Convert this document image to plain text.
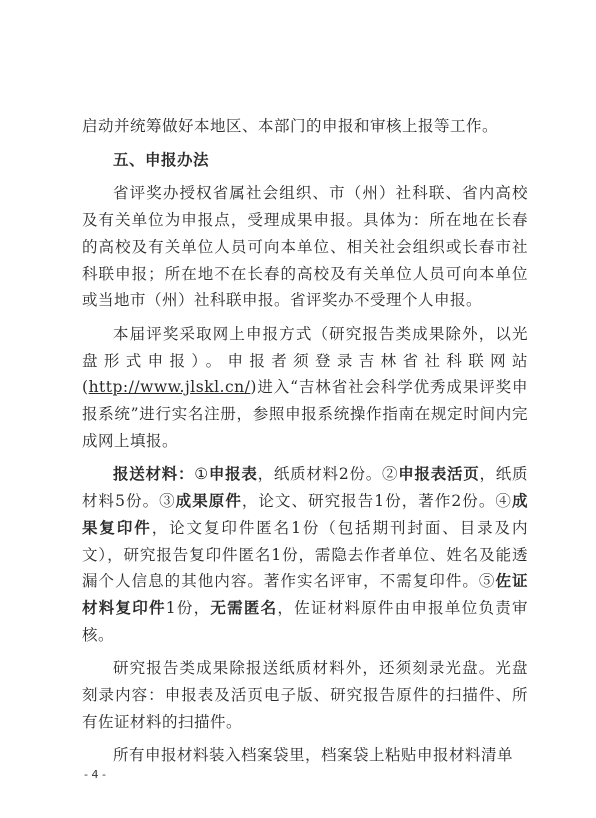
启动并统筹做好本地区、本部门的申报和审核上报等工作。

五、申报办法

省评奖办授权省属社会组织、市（州）社科联、省内高校及有关单位为申报点，受理成果申报。具体为：所在地在长春的高校及有关单位人员可向本单位、相关社会组织或长春市社科联申报；所在地不在长春的高校及有关单位人员可向本单位或当地市（州）社科联申报。省评奖办不受理个人申报。

本届评奖采取网上申报方式（研究报告类成果除外，以光盘形式申报）。申报者须登录吉林省社科联网站(http://www.jlskl.cn/)进入“吉林省社会科学优秀成果评奖申报系统”进行实名注册，参照申报系统操作指南在规定时间内完成网上填报。

报送材料：①申报表，纸质材料2份。②申报表活页，纸质材料5份。③成果原件，论文、研究报告1份，著作2份。④成果复印件，论文复印件匿名1份（包括期刊封面、目录及内文），研究报告复印件匿名1份，需隐去作者单位、姓名及能透漏个人信息的其他内容。著作实名评审，不需复印件。⑤佐证材料复印件1份，无需匿名，佐证材料原件由申报单位负责审核。

研究报告类成果除报送纸质材料外，还须刻录光盘。光盘刻录内容：申报表及活页电子版、研究报告原件的扫描件、所有佐证材料的扫描件。

所有申报材料装入档案袋里，档案袋上粘贴申报材料清单

- 4 -
